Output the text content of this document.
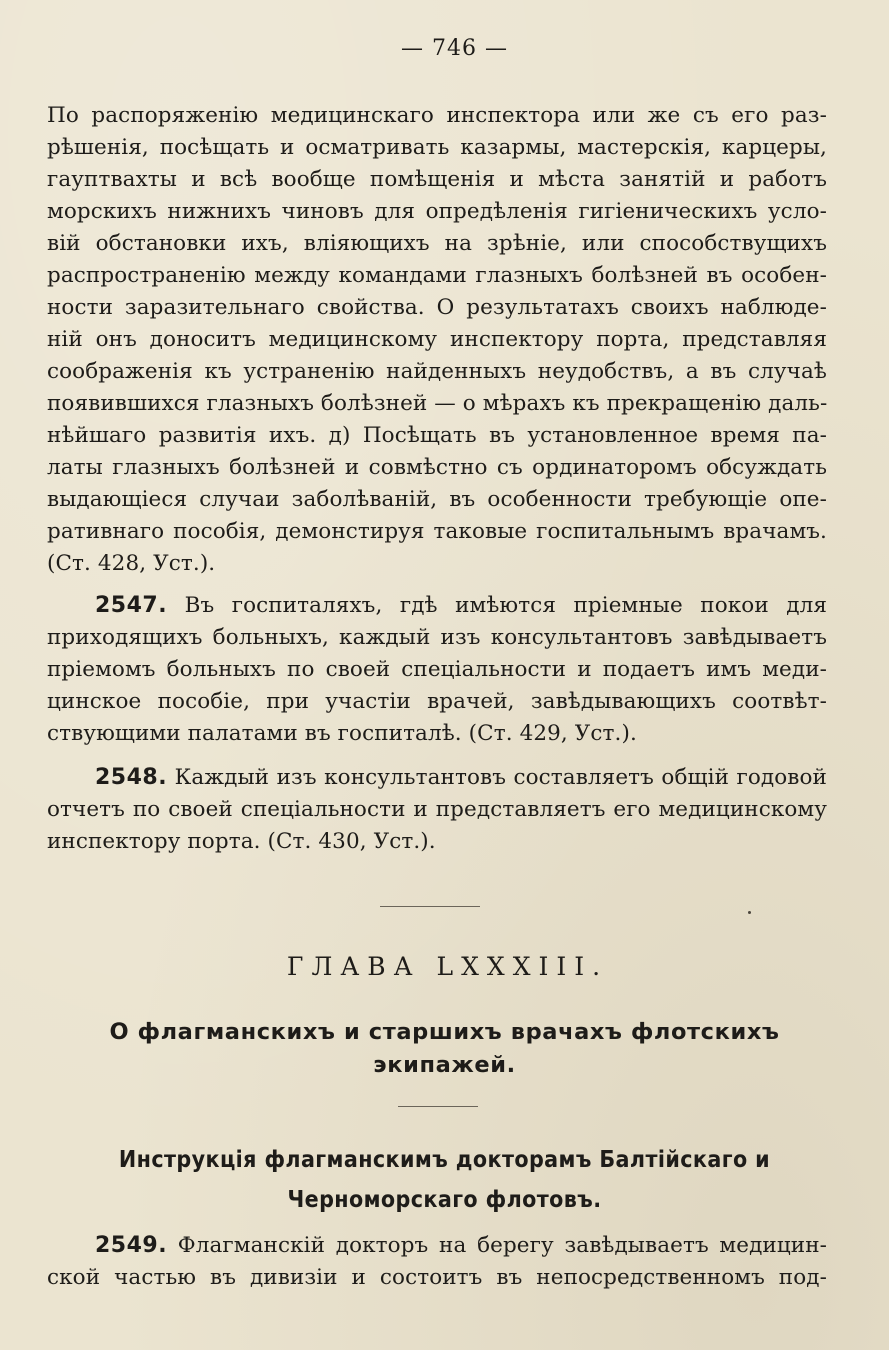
— 746 —
По распоряженію медицинскаго инспектора или же съ его раз-
рѣшенія, посѣщать и осматривать казармы, мастерскія, карцеры,
гауптвахты и всѣ вообще помѣщенія и мѣста занятій и работъ
морскихъ нижнихъ чиновъ для опредѣленія гигіеническихъ усло-
вій обстановки ихъ, вліяющихъ на зрѣніе, или способствущихъ
распространенію между командами глазныхъ болѣзней въ особен-
ности заразительнаго свойства. О результатахъ своихъ наблюде-
ній онъ доноситъ медицинскому инспектору порта, представляя
соображенія къ устраненію найденныхъ неудобствъ, а въ случаѣ
появившихся глазныхъ болѣзней — о мѣрахъ къ прекращенію даль-
нѣйшаго развитія ихъ. д) Посѣщать въ установленное время па-
латы глазныхъ болѣзней и совмѣстно съ ординаторомъ обсуждать
выдающіеся случаи заболѣваній, въ особенности требующіе опе-
ративнаго пособія, демонстируя таковые госпитальнымъ врачамъ.
(Ст. 428, Уст.).
2547. Въ госпиталяхъ, гдѣ имѣются пріемные покои для
приходящихъ больныхъ, каждый изъ консультантовъ завѣдываетъ
пріемомъ больныхъ по своей спеціальности и подаетъ имъ меди-
цинское пособіе, при участіи врачей, завѣдывающихъ соотвѣт-
ствующими палатами въ госпиталѣ. (Ст. 429, Уст.).
2548. Каждый изъ консультантовъ составляетъ общій годовой
отчетъ по своей спеціальности и представляетъ его медицинскому
инспектору порта. (Ст. 430, Уст.).
ГЛАВА LXXXIII.
О флагманскихъ и старшихъ врачахъ флотскихъ
экипажей.
Инструкція флагманскимъ докторамъ Балтійскаго и
Черноморскаго флотовъ.
2549. Флагманскій докторъ на берегу завѣдываетъ медицин-
ской частью въ дивизіи и состоитъ въ непосредственномъ под-
